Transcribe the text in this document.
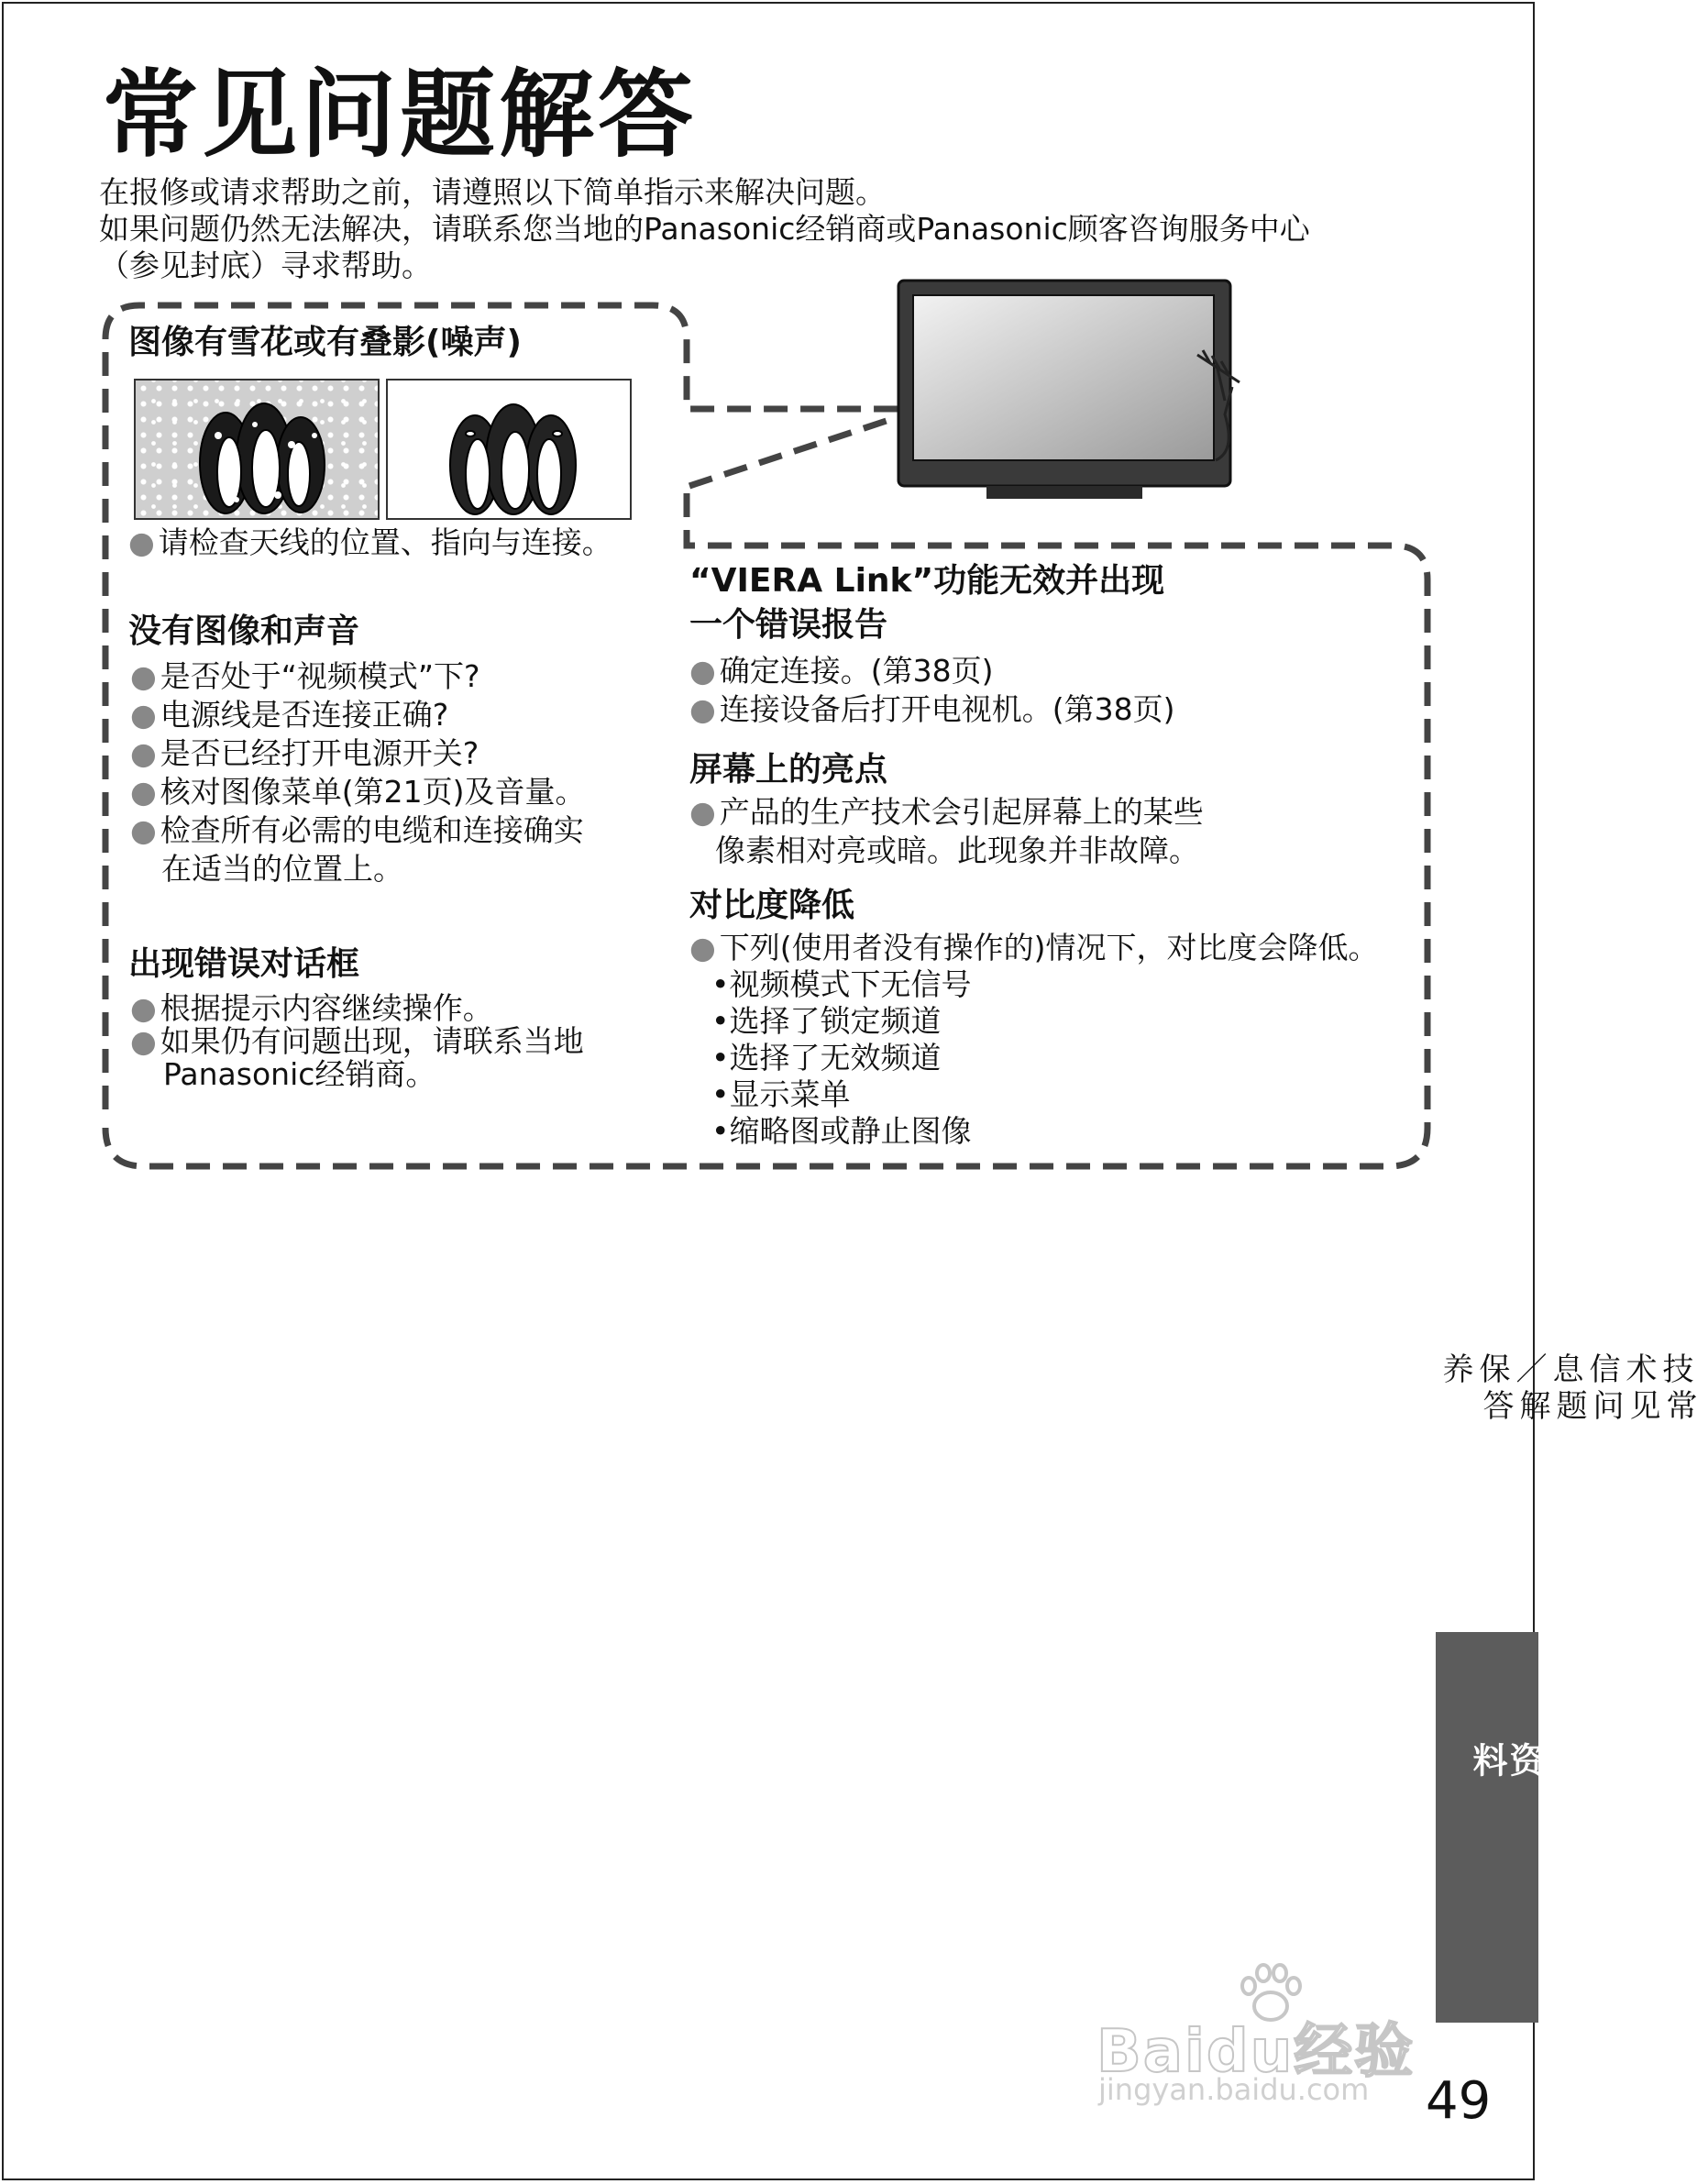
常见问题解答
在报修或请求帮助之前，请遵照以下简单指示来解决问题。
如果问题仍然无法解决，请联系您当地的Panasonic经销商或Panasonic顾客咨询服务中心
（参见封底）寻求帮助。
图像有雪花或有叠影(噪声)
● 请检查天线的位置、指向与连接。
没有图像和声音
● 是否处于“视频模式”下?
● 电源线是否连接正确?
● 是否已经打开电源开关?
● 核对图像菜单(第21页)及音量。
● 检查所有必需的电缆和连接确实
在适当的位置上。
出现错误对话框
● 根据提示内容继续操作。
● 如果仍有问题出现，请联系当地
Panasonic经销商。
“VIERA Link”功能无效并出现
一个错误报告
● 确定连接。(第38页)
● 连接设备后打开电视机。(第38页)
屏幕上的亮点
● 产品的生产技术会引起屏幕上的某些
像素相对亮或暗。此现象并非故障。
对比度降低
● 下列(使用者没有操作的)情况下，对比度会降低。
•视频模式下无信号
•选择了锁定频道
•选择了无效频道
•显示菜单
•缩略图或静止图像
常见问题解答
技术信息／保养
技术资料
Baidu经验
jingyan.baidu.com 49
